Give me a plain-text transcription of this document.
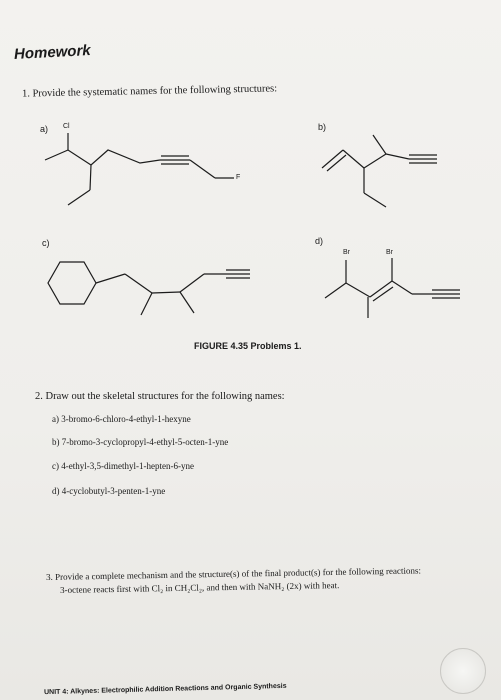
Homework
1. Provide the systematic names for the following structures:
a)	b)
c)	d)
Cl
F
Br	Br
FIGURE 4.35 Problems 1.
2. Draw out the skeletal structures for the following names:
a) 3-bromo-6-chloro-4-ethyl-1-hexyne
b) 7-bromo-3-cyclopropyl-4-ethyl-5-octen-1-yne
c) 4-ethyl-3,5-dimethyl-1-hepten-6-yne
d) 4-cyclobutyl-3-penten-1-yne
3. Provide a complete mechanism and the structure(s) of the final product(s) for the following reactions:
3-octene reacts first with Cl₂ in CH₂Cl₂, and then with NaNH₂ (2x) with heat.
UNIT 4: Alkynes: Electrophilic Addition Reactions and Organic Synthesis
